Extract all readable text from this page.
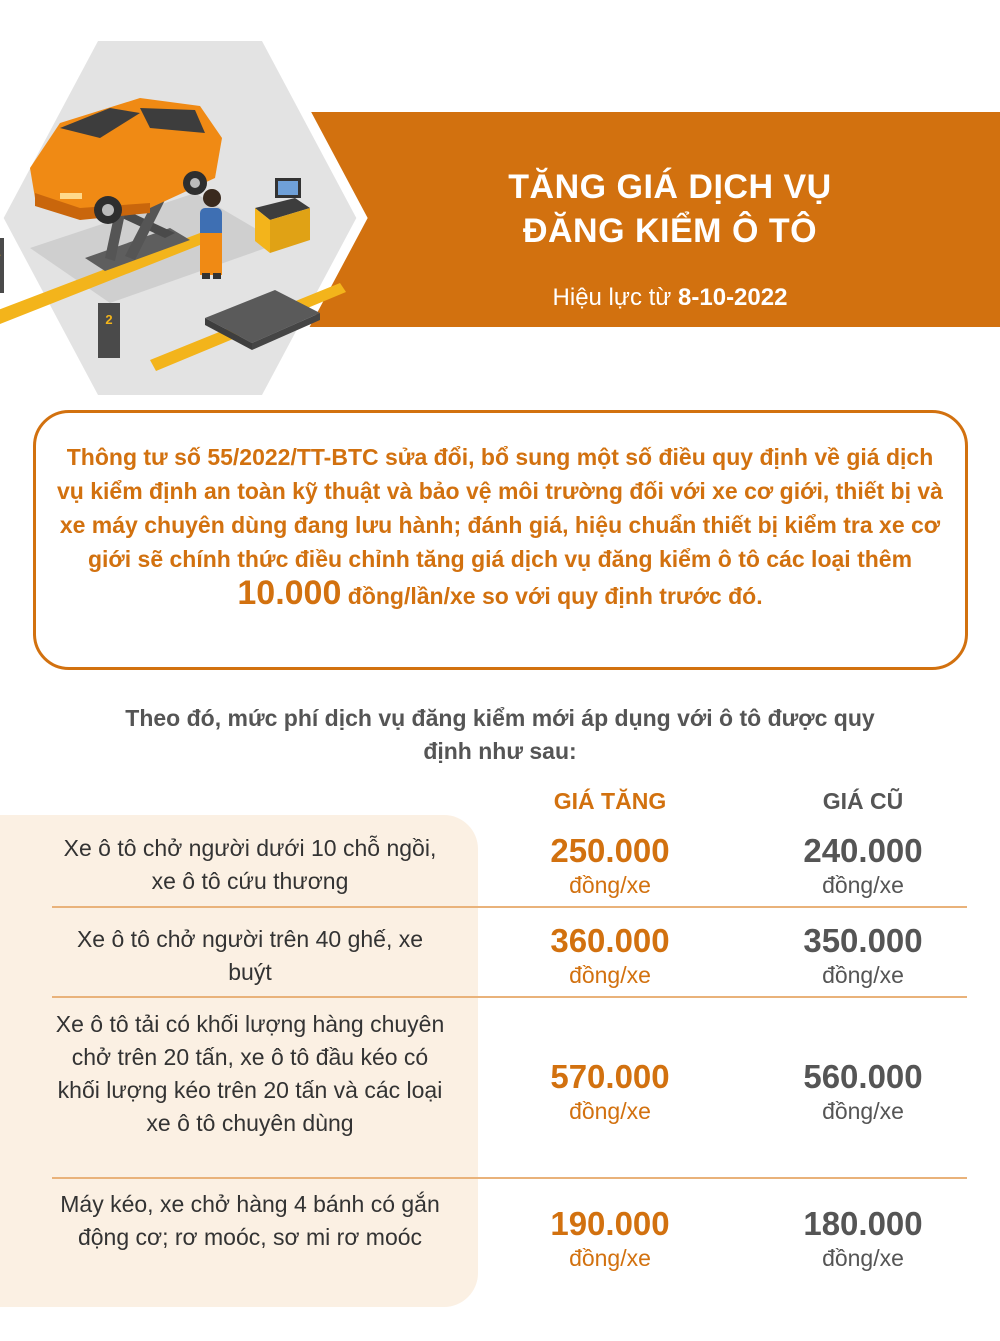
2
TĂNG GIÁ DỊCH VỤ
ĐĂNG KIỂM Ô TÔ
Hiệu lực từ 8-10-2022
Thông tư số 55/2022/TT-BTC sửa đổi, bổ sung một số điều quy định về giá dịch vụ kiểm định an toàn kỹ thuật và bảo vệ môi trường đối với xe cơ giới, thiết bị và xe máy chuyên dùng đang lưu hành; đánh giá, hiệu chuẩn thiết bị kiểm tra xe cơ giới sẽ chính thức điều chỉnh tăng giá dịch vụ đăng kiểm ô tô các loại thêm 10.000 đồng/lần/xe so với quy định trước đó.
Theo đó, mức phí dịch vụ đăng kiểm mới áp dụng với ô tô được quy định như sau:
GIÁ TĂNG	GIÁ CŨ
Xe ô tô chở người dưới 10 chỗ ngồi, xe ô tô cứu thương
250.000
đồng/xe
240.000
đồng/xe
Xe ô tô chở người trên 40 ghế, xe buýt
360.000
đồng/xe
350.000
đồng/xe
Xe ô tô tải có khối lượng hàng chuyên chở trên 20 tấn, xe ô tô đầu kéo có khối lượng kéo trên 20 tấn và các loại xe ô tô chuyên dùng
570.000
đồng/xe
560.000
đồng/xe
Máy kéo, xe chở hàng 4 bánh có gắn động cơ; rơ moóc, sơ mi rơ moóc	190.000
đồng/xe
180.000
đồng/xe
